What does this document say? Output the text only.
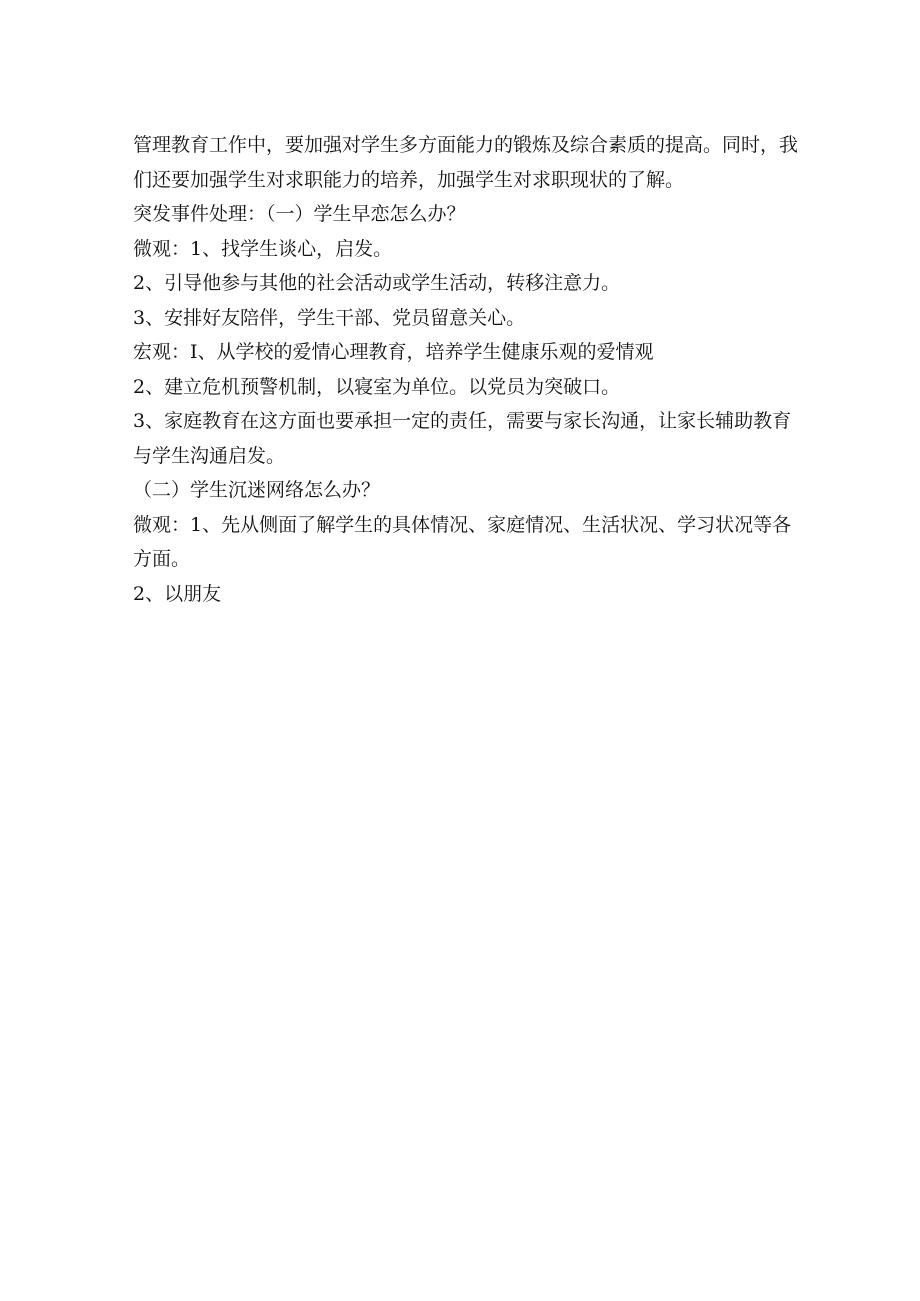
管理教育工作中，要加强对学生多方面能力的锻炼及综合素质的提高。同时，我
们还要加强学生对求职能力的培养，加强学生对求职现状的了解。

突发事件处理：（一）学生早恋怎么办？

微观：1、找学生谈心，启发。

2、引导他参与其他的社会活动或学生活动，转移注意力。

3、安排好友陪伴，学生干部、党员留意关心。

宏观：I、从学校的爱情心理教育，培养学生健康乐观的爱情观

2、建立危机预警机制，以寝室为单位。以党员为突破口。

3、家庭教育在这方面也要承担一定的责任，需要与家长沟通，让家长辅助教育
与学生沟通启发。

（二）学生沉迷网络怎么办？

微观：1、先从侧面了解学生的具体情况、家庭情况、生活状况、学习状况等各
方面。

2、以朋友
